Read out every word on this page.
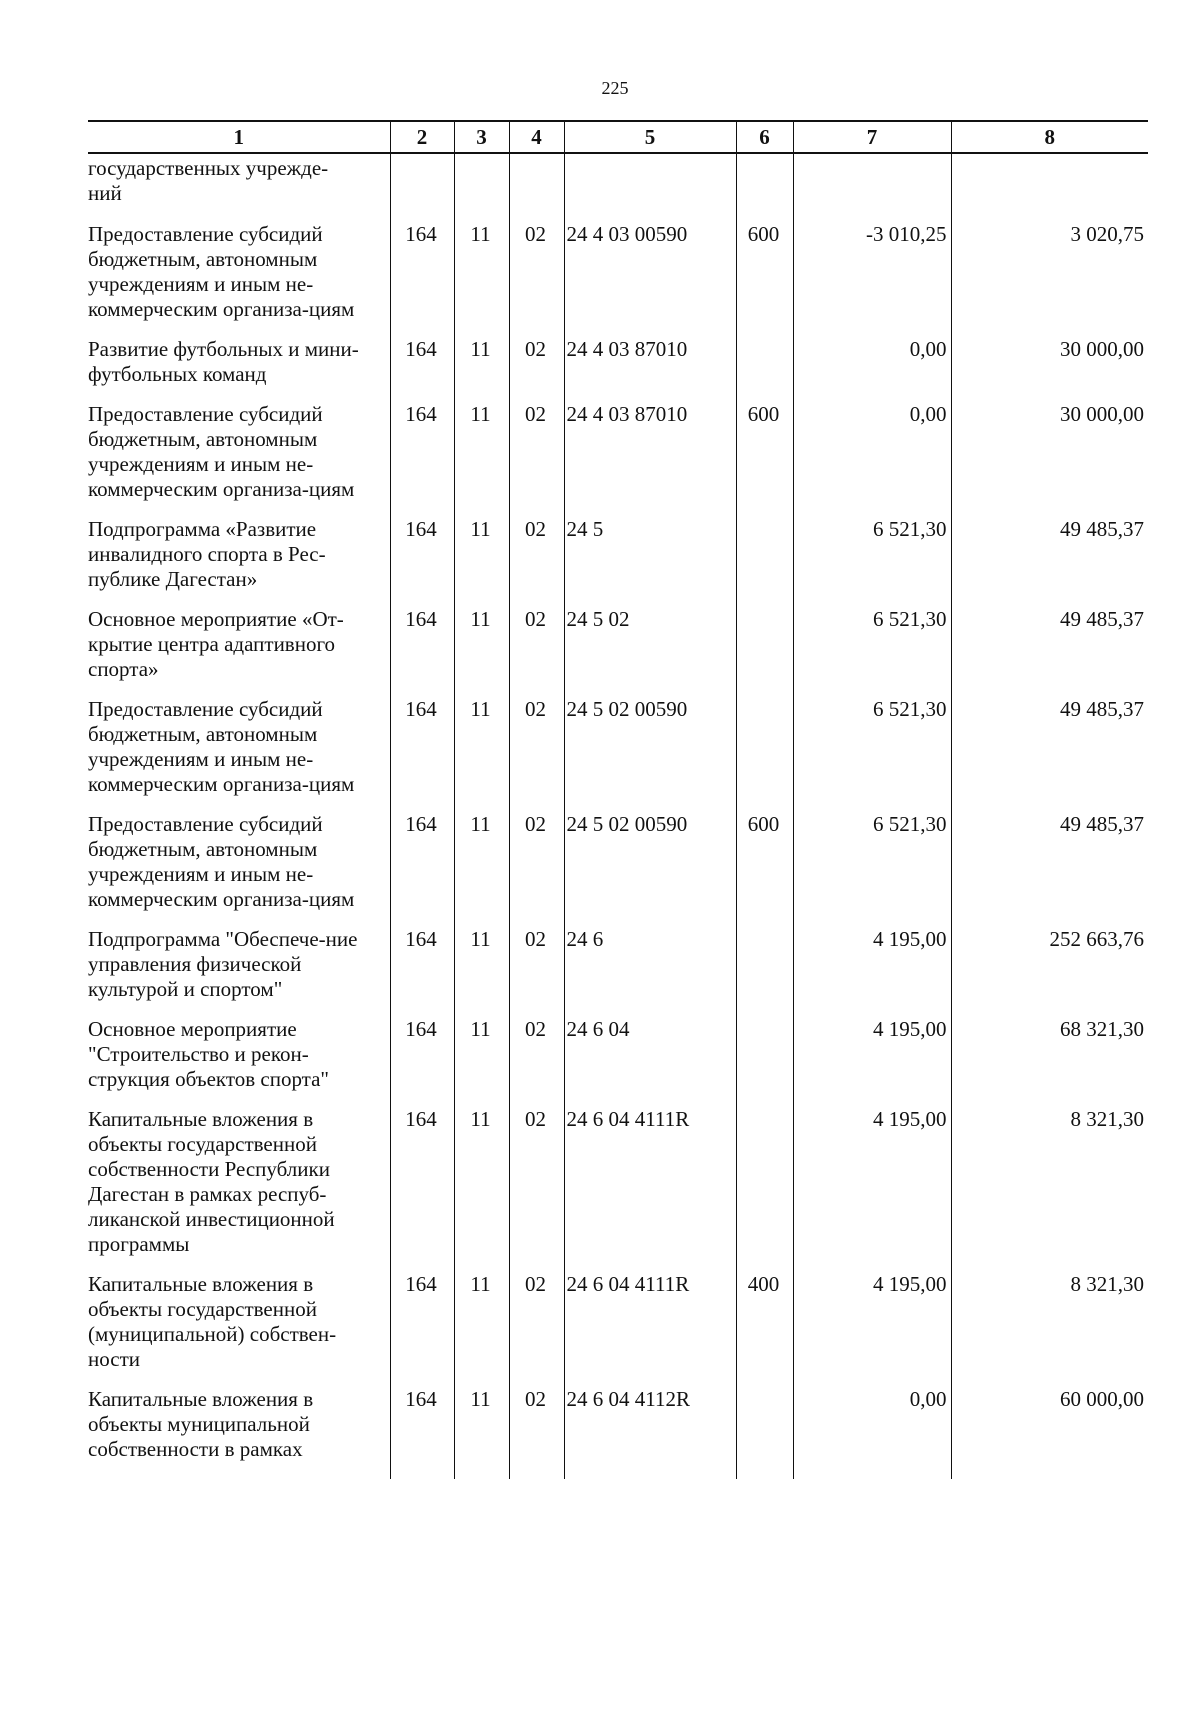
225
1	2	3	4	5	6	7	8
государственных учрежде-
ний							
Предоставление субсидий бюджетным, автономным учреждениям и иным не-коммерческим организа-циям	164	11	02	24 4 03 00590	600	-3 010,25	3 020,75
Развитие футбольных и мини-футбольных команд	164	11	02	24 4 03 87010		0,00	30 000,00
Предоставление субсидий бюджетным, автономным учреждениям и иным не-коммерческим организа-циям	164	11	02	24 4 03 87010	600	0,00	30 000,00
Подпрограмма «Развитие инвалидного спорта в Рес-публике Дагестан»	164	11	02	24 5		6 521,30	49 485,37
Основное мероприятие «От-крытие центра адаптивного спорта»	164	11	02	24 5 02		6 521,30	49 485,37
Предоставление субсидий бюджетным, автономным учреждениям и иным не-коммерческим организа-циям	164	11	02	24 5 02 00590		6 521,30	49 485,37
Предоставление субсидий бюджетным, автономным учреждениям и иным не-коммерческим организа-циям	164	11	02	24 5 02 00590	600	6 521,30	49 485,37
Подпрограмма "Обеспече-ние управления физической культурой и спортом"	164	11	02	24 6		4 195,00	252 663,76
Основное мероприятие "Строительство и рекон-струкция объектов спорта"	164	11	02	24 6 04		4 195,00	68 321,30
Капитальные вложения в объекты государственной собственности Республики Дагестан в рамках респуб-ликанской инвестиционной программы	164	11	02	24 6 04 4111R		4 195,00	8 321,30
Капитальные вложения в объекты государственной (муниципальной) собствен-ности	164	11	02	24 6 04 4111R	400	4 195,00	8 321,30
Капитальные вложения в объекты муниципальной собственности в рамках	164	11	02	24 6 04 4112R		0,00	60 000,00
